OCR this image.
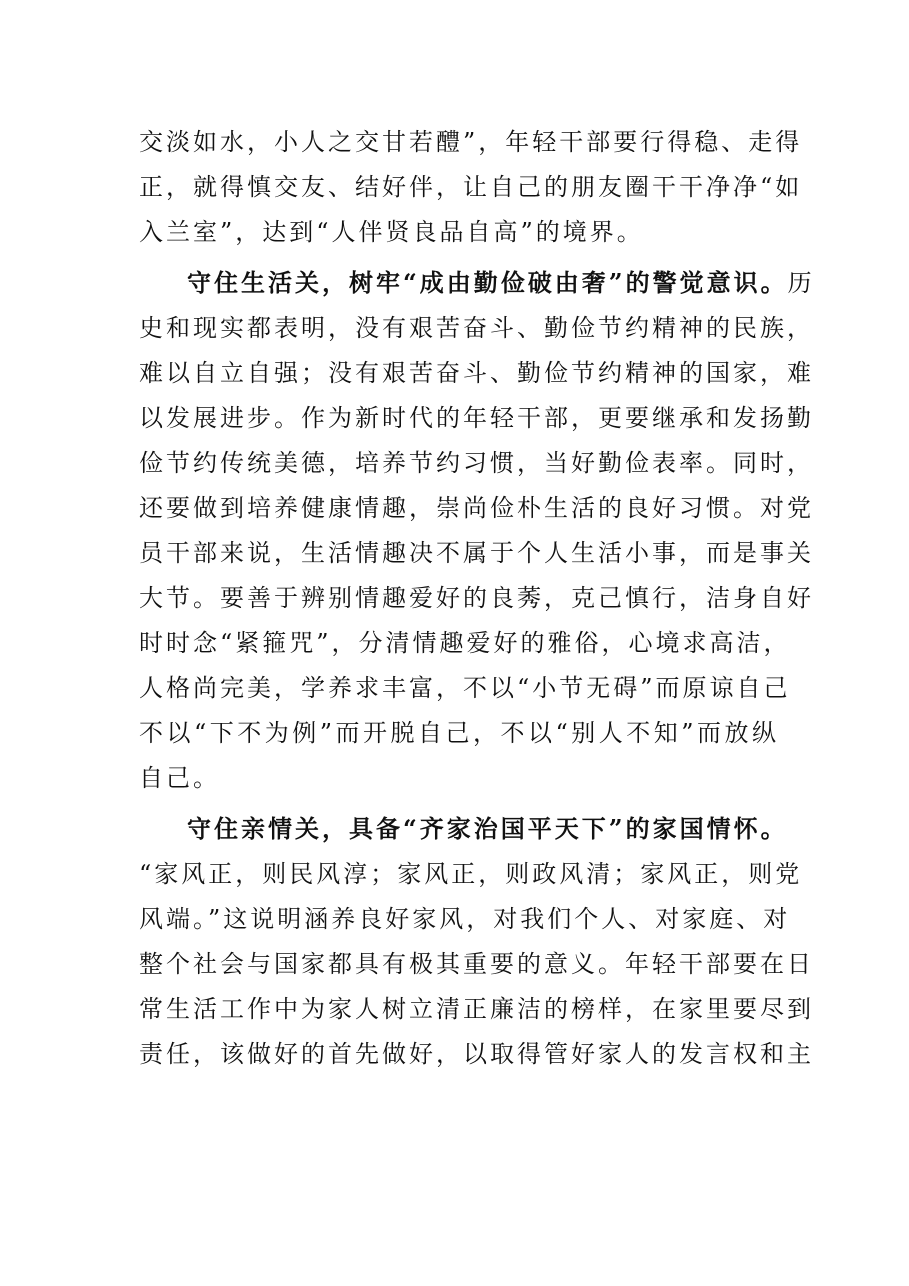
交淡如水，小人之交甘若醴”，年轻干部要行得稳、走得
正，就得慎交友、结好伴，让自己的朋友圈干干净净“如
入兰室”，达到“人伴贤良品自高”的境界。
守住生活关，树牢“成由勤俭破由奢”的警觉意识。历
史和现实都表明，没有艰苦奋斗、勤俭节约精神的民族，
难以自立自强；没有艰苦奋斗、勤俭节约精神的国家，难
以发展进步。作为新时代的年轻干部，更要继承和发扬勤
俭节约传统美德，培养节约习惯，当好勤俭表率。同时，
还要做到培养健康情趣，崇尚俭朴生活的良好习惯。对党
员干部来说，生活情趣决不属于个人生活小事，而是事关
大节。要善于辨别情趣爱好的良莠，克己慎行，洁身自好
时时念“紧箍咒”，分清情趣爱好的雅俗，心境求高洁，
人格尚完美，学养求丰富，不以“小节无碍”而原谅自己
不以“下不为例”而开脱自己，不以“别人不知”而放纵
自己。
守住亲情关，具备“齐家治国平天下”的家国情怀。
“家风正，则民风淳；家风正，则政风清；家风正，则党
风端。”这说明涵养良好家风，对我们个人、对家庭、对
整个社会与国家都具有极其重要的意义。年轻干部要在日
常生活工作中为家人树立清正廉洁的榜样，在家里要尽到
责任，该做好的首先做好，以取得管好家人的发言权和主
